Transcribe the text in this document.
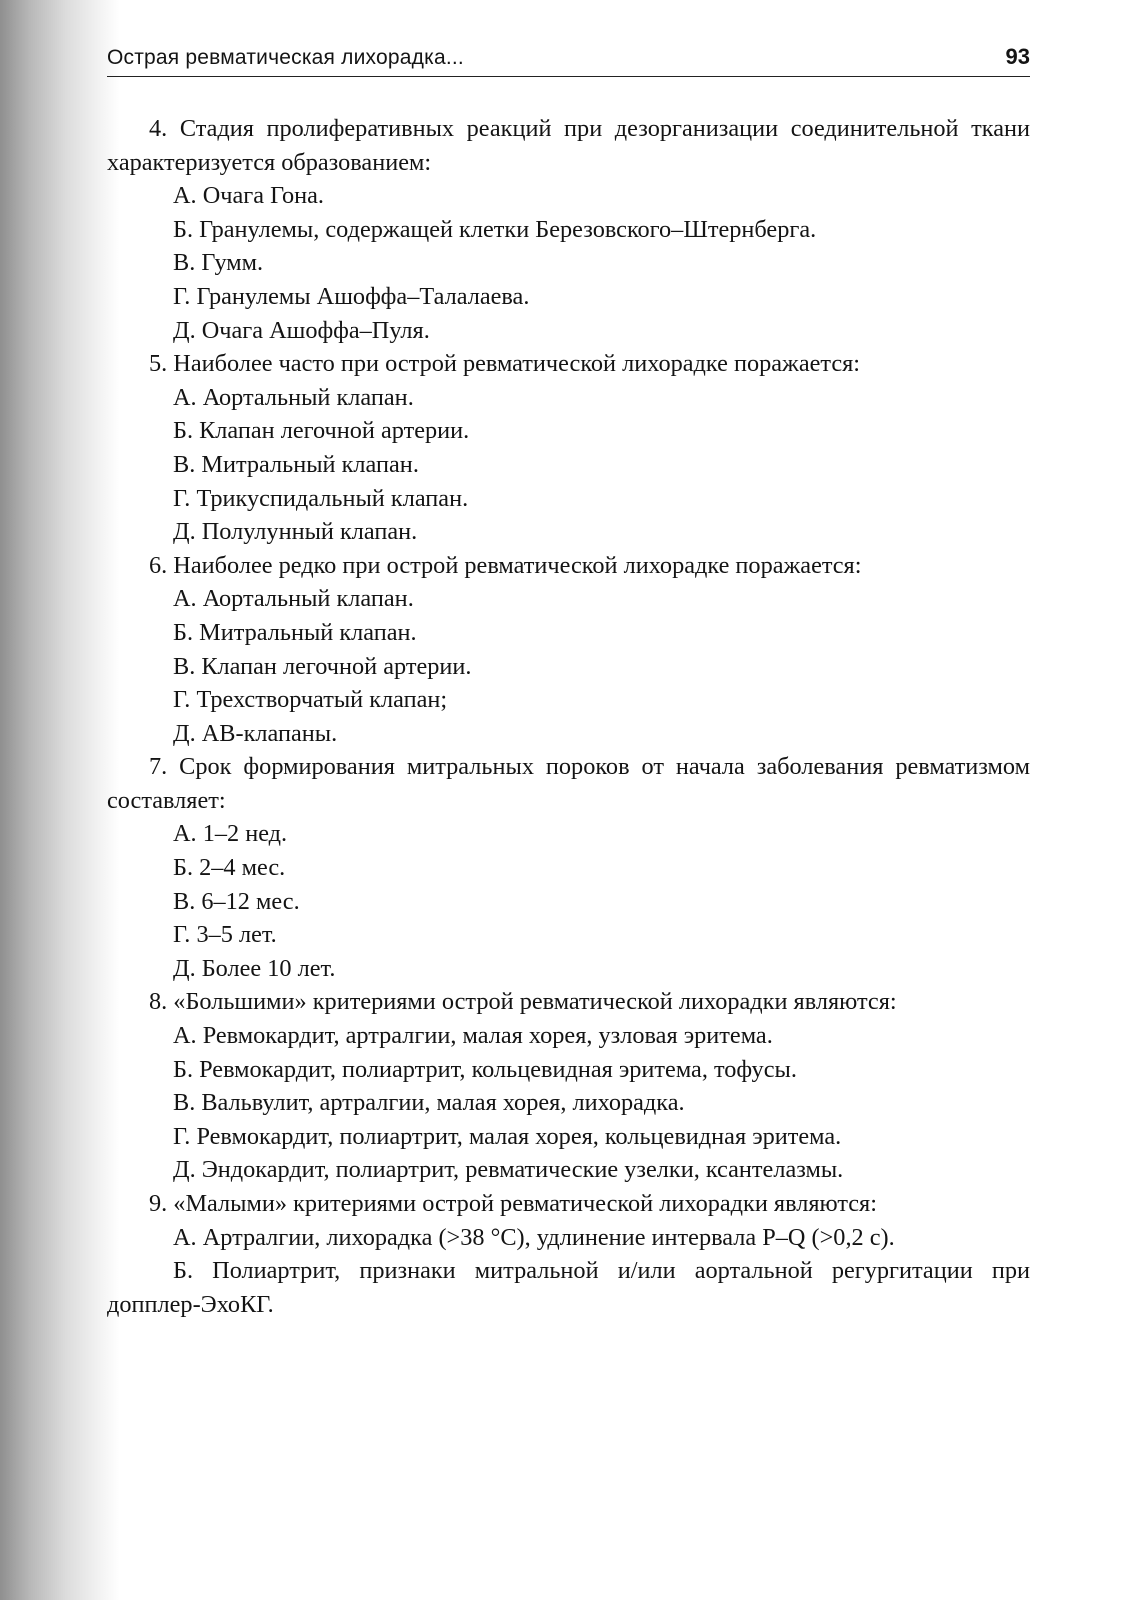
Острая ревматическая лихорадка...	93

4. Стадия пролиферативных реакций при дезорганизации соединительной ткани характеризуется образованием:

А. Очага Гона.

Б. Гранулемы, содержащей клетки Березовского–Штернберга.

В. Гумм.

Г. Гранулемы Ашоффа–Талалаева.

Д. Очага Ашоффа–Пуля.

5. Наиболее часто при острой ревматической лихорадке поражается:

А. Аортальный клапан.

Б. Клапан легочной артерии.

В. Митральный клапан.

Г. Трикуспидальный клапан.

Д. Полулунный клапан.

6. Наиболее редко при острой ревматической лихорадке поражается:

А. Аортальный клапан.

Б. Митральный клапан.

В. Клапан легочной артерии.

Г. Трехстворчатый клапан;

Д. АВ-клапаны.

7. Срок формирования митральных пороков от начала заболевания ревматизмом составляет:

А. 1–2 нед.

Б. 2–4 мес.

В. 6–12 мес.

Г. 3–5 лет.

Д. Более 10 лет.

8. «Большими» критериями острой ревматической лихорадки являются:

А. Ревмокардит, артралгии, малая хорея, узловая эритема.

Б. Ревмокардит, полиартрит, кольцевидная эритема, тофусы.

В. Вальвулит, артралгии, малая хорея, лихорадка.

Г. Ревмокардит, полиартрит, малая хорея, кольцевидная эритема.

Д. Эндокардит, полиартрит, ревматические узелки, ксантелазмы.

9. «Малыми» критериями острой ревматической лихорадки являются:

А. Артралгии, лихорадка (>38 °С), удлинение интервала P–Q (>0,2 с).

Б. Полиартрит, признаки митральной и/или аортальной регургитации при допплер-ЭхоКГ.
